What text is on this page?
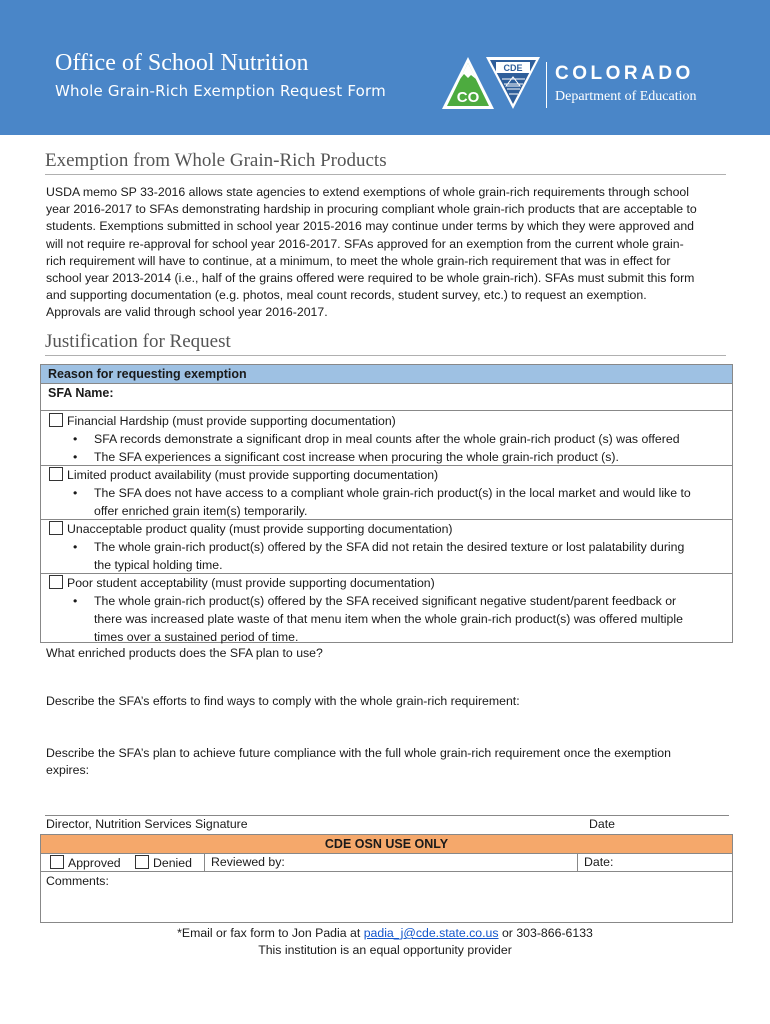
Office of School Nutrition
Whole Grain-Rich Exemption Request Form	CO
CDE COLORADO
Department of Education
Exemption from Whole Grain-Rich Products
USDA memo SP 33-2016 allows state agencies to extend exemptions of whole grain-rich requirements through school
year 2016-2017 to SFAs demonstrating hardship in procuring compliant whole grain-rich products that are acceptable to
students. Exemptions submitted in school year 2015-2016 may continue under terms by which they were approved and
will not require re-approval for school year 2016-2017. SFAs approved for an exemption from the current whole grain-
rich requirement will have to continue, at a minimum, to meet the whole grain-rich requirement that was in effect for
school year 2013-2014 (i.e., half of the grains offered were required to be whole grain-rich). SFAs must submit this form
and supporting documentation (e.g. photos, meal count records, student survey, etc.) to request an exemption.
Approvals are valid through school year 2016-2017.
Justification for Request
Reason for requesting exemption
SFA Name:
Financial Hardship (must provide supporting documentation)
• SFA records demonstrate a significant drop in meal counts after the whole grain-rich product (s) was offered
• The SFA experiences a significant cost increase when procuring the whole grain-rich product (s).
Limited product availability (must provide supporting documentation)
• The SFA does not have access to a compliant whole grain-rich product(s) in the local market and would like to
offer enriched grain item(s) temporarily.
Unacceptable product quality (must provide supporting documentation)
• The whole grain-rich product(s) offered by the SFA did not retain the desired texture or lost palatability during
the typical holding time.
Poor student acceptability (must provide supporting documentation)
• The whole grain-rich product(s) offered by the SFA received significant negative student/parent feedback or
there was increased plate waste of that menu item when the whole grain-rich product(s) was offered multiple
times over a sustained period of time.
What enriched products does the SFA plan to use?
Describe the SFA’s efforts to find ways to comply with the whole grain-rich requirement:
Describe the SFA’s plan to achieve future compliance with the full whole grain-rich requirement once the exemption
expires:
Director, Nutrition Services Signature	Date
CDE OSN USE ONLY
Approved	Denied Reviewed by:	Date:
Comments:
*Email or fax form to Jon Padia at padia_j@cde.state.co.us or 303-866-6133
This institution is an equal opportunity provider
